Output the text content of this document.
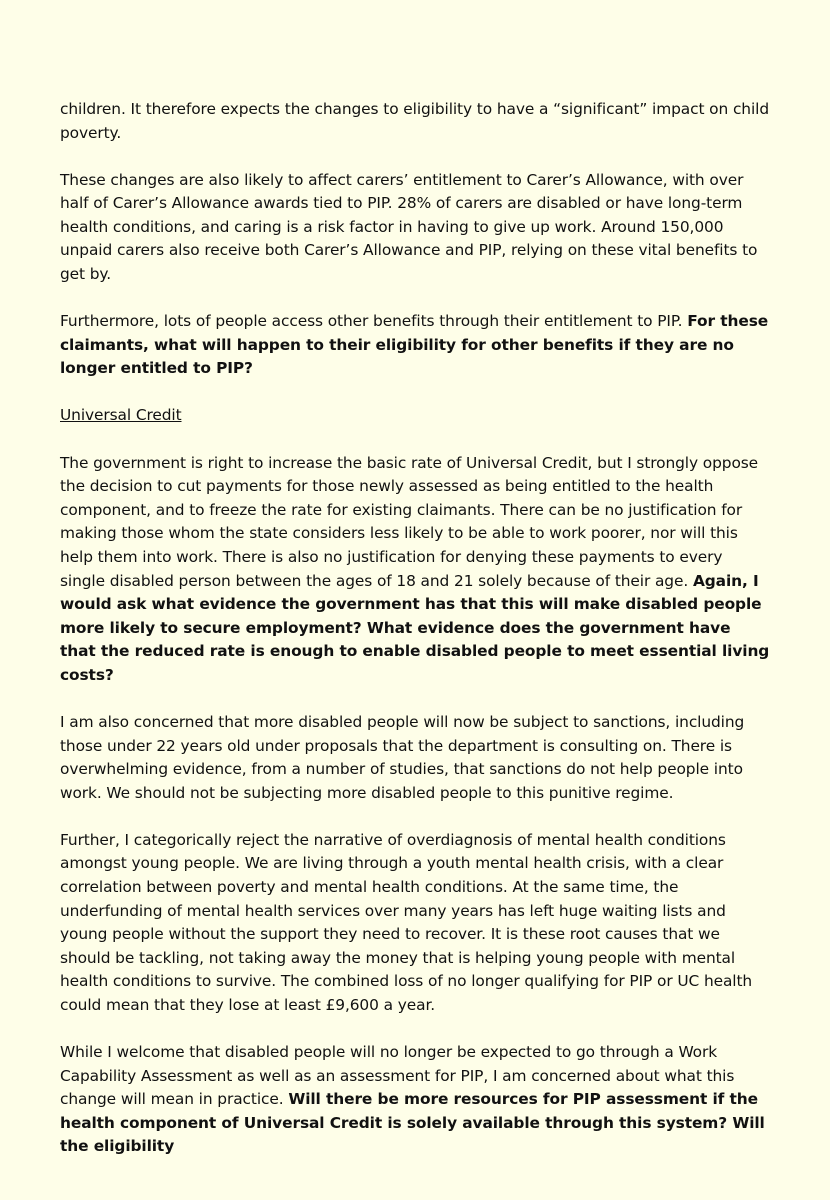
children. It therefore expects the changes to eligibility to have a “significant” impact on child poverty.

These changes are also likely to affect carers’ entitlement to Carer’s Allowance, with over half of Carer’s Allowance awards tied to PIP. 28% of carers are disabled or have long-term health conditions, and caring is a risk factor in having to give up work. Around 150,000 unpaid carers also receive both Carer’s Allowance and PIP, relying on these vital benefits to get by.

Furthermore, lots of people access other benefits through their entitlement to PIP. For these claimants, what will happen to their eligibility for other benefits if they are no longer entitled to PIP?

Universal Credit

The government is right to increase the basic rate of Universal Credit, but I strongly oppose the decision to cut payments for those newly assessed as being entitled to the health component, and to freeze the rate for existing claimants. There can be no justification for making those whom the state considers less likely to be able to work poorer, nor will this help them into work. There is also no justification for denying these payments to every single disabled person between the ages of 18 and 21 solely because of their age. Again, I would ask what evidence the government has that this will make disabled people more likely to secure employment? What evidence does the government have that the reduced rate is enough to enable disabled people to meet essential living costs?

I am also concerned that more disabled people will now be subject to sanctions, including those under 22 years old under proposals that the department is consulting on. There is overwhelming evidence, from a number of studies, that sanctions do not help people into work. We should not be subjecting more disabled people to this punitive regime.

Further, I categorically reject the narrative of overdiagnosis of mental health conditions amongst young people. We are living through a youth mental health crisis, with a clear correlation between poverty and mental health conditions. At the same time, the underfunding of mental health services over many years has left huge waiting lists and young people without the support they need to recover. It is these root causes that we should be tackling, not taking away the money that is helping young people with mental health conditions to survive. The combined loss of no longer qualifying for PIP or UC health could mean that they lose at least £9,600 a year.

While I welcome that disabled people will no longer be expected to go through a Work Capability Assessment as well as an assessment for PIP, I am concerned about what this change will mean in practice. Will there be more resources for PIP assessment if the health component of Universal Credit is solely available through this system? Will the eligibility
